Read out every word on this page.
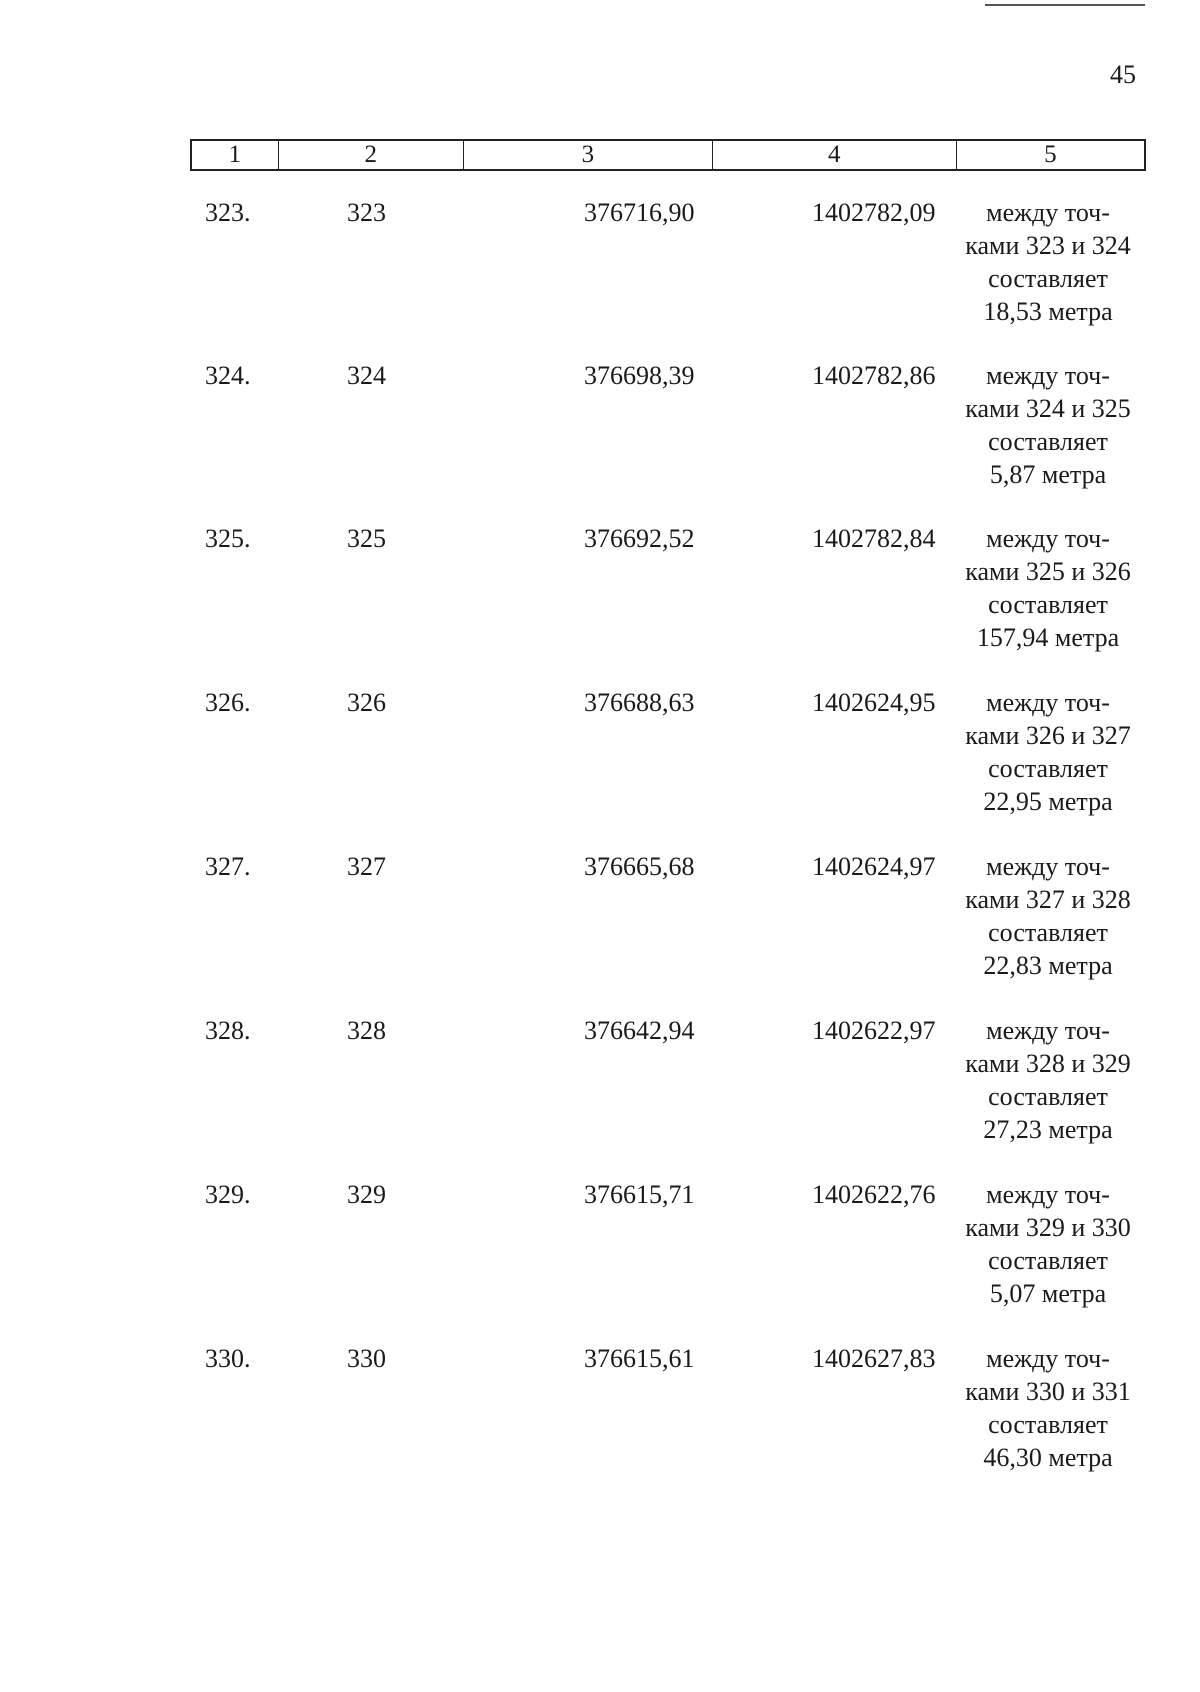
45
1	2	3	4	5
323.	323	376716,90	1402782,09	между точ-
ками 323 и 324
составляет
18,53 метра
324.	324	376698,39	1402782,86	между точ-
ками 324 и 325
составляет
5,87 метра
325.	325	376692,52	1402782,84	между точ-
ками 325 и 326
составляет
157,94 метра
326.	326	376688,63	1402624,95	между точ-
ками 326 и 327
составляет
22,95 метра
327.	327	376665,68	1402624,97	между точ-
ками 327 и 328
составляет
22,83 метра
328.	328	376642,94	1402622,97	между точ-
ками 328 и 329
составляет
27,23 метра
329.	329	376615,71	1402622,76	между точ-
ками 329 и 330
составляет
5,07 метра
330.	330	376615,61	1402627,83	между точ-
ками 330 и 331
составляет
46,30 метра
